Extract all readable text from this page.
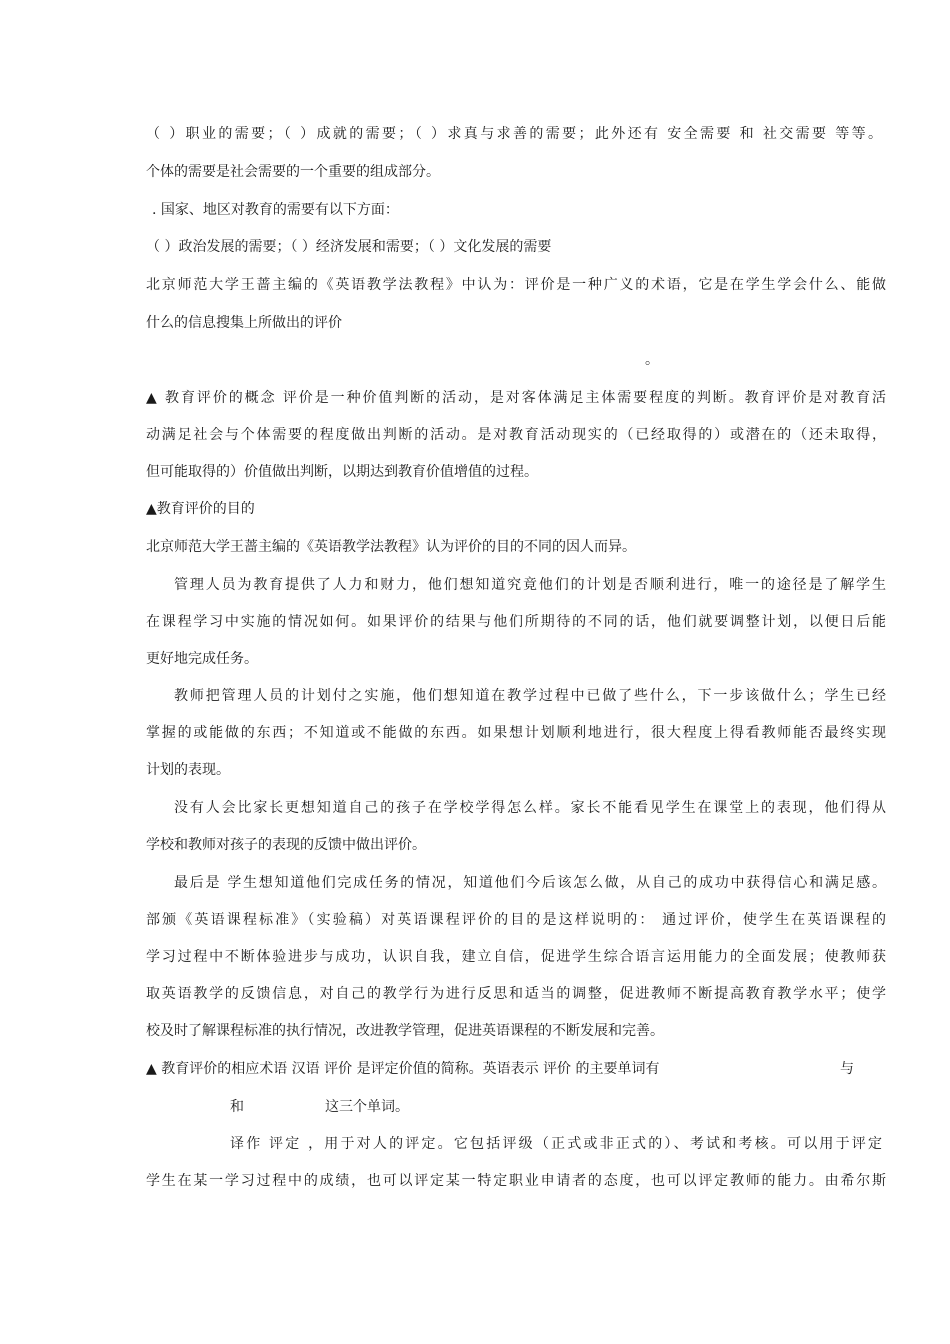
（ ）职业的需要；（ ）成就的需要；（ ）求真与求善的需要；此外还有 安全需要 和 社交需要 等等。
个体的需要是社会需要的一个重要的组成部分。
. 国家、地区对教育的需要有以下方面：
（ ）政治发展的需要；（ ）经济发展和需要；（ ）文化发展的需要
北京师范大学王蔷主编的《英语教学法教程》中认为：评价是一种广义的术语，它是在学生学会什么、能做
什么的信息搜集上所做出的评价
。
▲ 教育评价的概念 评价是一种价值判断的活动，是对客体满足主体需要程度的判断。教育评价是对教育活
动满足社会与个体需要的程度做出判断的活动。是对教育活动现实的（已经取得的）或潜在的（还未取得，
但可能取得的）价值做出判断，以期达到教育价值增值的过程。
▲教育评价的目的
北京师范大学王蔷主编的《英语教学法教程》认为评价的目的不同的因人而异。
管理人员为教育提供了人力和财力，他们想知道究竟他们的计划是否顺利进行，唯一的途径是了解学生
在课程学习中实施的情况如何。如果评价的结果与他们所期待的不同的话，他们就要调整计划，以便日后能
更好地完成任务。
教师把管理人员的计划付之实施，他们想知道在教学过程中已做了些什么，下一步该做什么；学生已经
掌握的或能做的东西；不知道或不能做的东西。如果想计划顺利地进行，很大程度上得看教师能否最终实现
计划的表现。
没有人会比家长更想知道自己的孩子在学校学得怎么样。家长不能看见学生在课堂上的表现，他们得从
学校和教师对孩子的表现的反馈中做出评价。
最后是 学生想知道他们完成任务的情况，知道他们今后该怎么做，从自己的成功中获得信心和满足感。
部颁《英语课程标准》（实验稿）对英语课程评价的目的是这样说明的： 通过评价，使学生在英语课程的
学习过程中不断体验进步与成功，认识自我，建立自信，促进学生综合语言运用能力的全面发展；使教师获
取英语教学的反馈信息，对自己的教学行为进行反思和适当的调整，促进教师不断提高教育教学水平；使学
校及时了解课程标准的执行情况，改进教学管理，促进英语课程的不断发展和完善。
▲ 教育评价的相应术语 汉语 评价 是评定价值的简称。英语表示 评价 的主要单词有	与
和	这三个单词。
译作 评定 ，用于对人的评定。它包括评级（正式或非正式的）、考试和考核。可以用于评定
学生在某一学习过程中的成绩，也可以评定某一特定职业申请者的态度，也可以评定教师的能力。由希尔斯
